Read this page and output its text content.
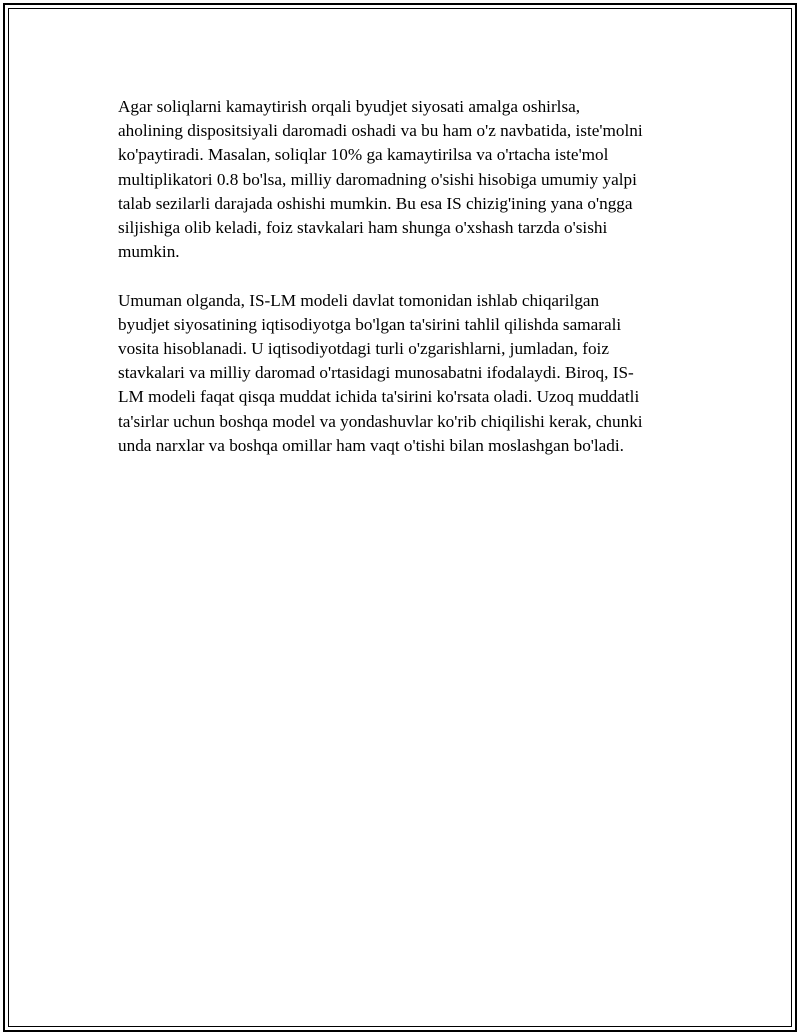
Agar soliqlarni kamaytirish orqali byudjet siyosati amalga oshirlsa,
aholining dispositsiyali daromadi oshadi va bu ham o'z navbatida, iste'molni
ko'paytiradi. Masalan, soliqlar 10% ga kamaytirilsa va o'rtacha iste'mol
multiplikatori 0.8 bo'lsa, milliy daromadning o'sishi hisobiga umumiy yalpi
talab sezilarli darajada oshishi mumkin. Bu esa IS chizig'ining yana o'ngga
siljishiga olib keladi, foiz stavkalari ham shunga o'xshash tarzda o'sishi
mumkin.

Umuman olganda, IS-LM modeli davlat tomonidan ishlab chiqarilgan
byudjet siyosatining iqtisodiyotga bo'lgan ta'sirini tahlil qilishda samarali
vosita hisoblanadi. U iqtisodiyotdagi turli o'zgarishlarni, jumladan, foiz
stavkalari va milliy daromad o'rtasidagi munosabatni ifodalaydi. Biroq, IS-
LM modeli faqat qisqa muddat ichida ta'sirini ko'rsata oladi. Uzoq muddatli
ta'sirlar uchun boshqa model va yondashuvlar ko'rib chiqilishi kerak, chunki
unda narxlar va boshqa omillar ham vaqt o'tishi bilan moslashgan bo'ladi.
